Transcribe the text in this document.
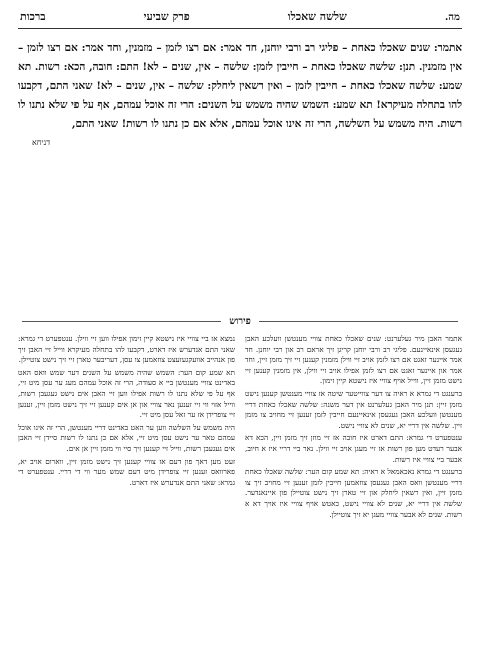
מה.
שלשה שאכלו
פרק שביעי
ברכות
אתמר: שנים שאכלו כאחת – פליגי רב ורבי יוחנן, חד אמר: אם רצו לזמן – מזמנין, וחד אמר: אם רצו לזמן – אין מזמנין. תנן: שלשה שאכלו כאחת – חייבין לזמן: שלשה – אין, שנים – לא! התם: חובה, הכא: רשות. תא שמע: שלשה שאכלו כאחת – חייבין לזמן – ואין רשאין ליחלק: שלשה – אין, שנים – לא! שאני התם, דקבעו להו בתחלה מעיקרא! תא שמע: השמש שהיה משמש על השנים: הרי זה אוכל עמהם, אף על פי שלא נתנו לו רשות. היה משמש על השלשה, הרי זה אינו אוכל עמהם, אלא אם כן נתנו לו רשות! שאני התם,
דניחא
פירוש

אתמר האבן מיר געלערנט: שנים שאכלו כאחת צוויי מענטשן וועלכע האבן געגעסן אינאיינעם. פליגי רב ורבי יוחנן קריגן זיך אראם רב און רבי יוחנן. חד אמר איינער זאגט אם רצו לזמן אויב זיי ווילן מזמנין קענען זיי זיך מזמן זיין, וחד אמר און איינער זאגט אם רצו לזמן אפילו אויב זיי ווילן, אין מזמנין קענען זיי נישט מזמן זיין, ווייל אויף צוויי איז נישטא קיין זימון.

ברענגט די גמרא א ראיה צו דער צווייטער שיטה אז צוויי מענטשן קענען נישט מזמן זיין: תנן מיר האבן געלערנט אין דער משנה: שלשה שאכלו כאחת דריי מענטשן וועלכע האבן געגעסן אינאיינעם חייבין לזמן זענען זיי מחויב צו מזמן זיין. שלשה אין דריי יא, שנים לא צוויי נישט.

ענטפערט די גמרא: התם דארט איז חובה אז זיי מוזן זיך מזמן זיין, הכא דא אבער רעדט מען פון רשות אז זיי מעגן אויב זיי ווילן. נאר ביי דריי איז א חיוב, אבער ביי צוויי איז רשות.

ברענגט די גמרא נאכאמאל א ראיה: תא שמע קום הער: שלשה שאכלו כאחת דריי מענטשן וואס האבן געגעסן צוזאמען חייבין לזמן זענען זיי מחויב זיך צו מזמן זיין, ואין רשאין ליחלק און זיי טארן זיך נישט צוטיילן פון איינאנדער. שלשה אין דריי יא, שנים לא צוויי נישט, כאטש אויף צוויי איז אויך דא א רשות. שנים לא אבער צוויי מעגן יא זיך צוטיילן.

נמצא אז ביי צוויי איז נישטא קיין זימון אפילו ווען זיי ווילן. ענטפערט די גמרא: שאני התם אנדערש איז דארט, דקבעו להו בתחלה מעיקרא ווייל זיי האבן זיך פון אנהייב אוועקגעזעצט צוזאמען צו עסן, דעריבער טארן זיי זיך נישט צוטיילן.

תא שמע קום הער: השמש שהיה משמש על השנים דער שמש וואס האט באדינט צוויי מענטשן ביי א סעודה, הרי זה אוכל עמהם מעג ער עסן מיט זיי, אף על פי שלא נתנו לו רשות אפילו ווען זיי האבן אים נישט געגעבן רשות, ווייל אזוי ווי זיי זענען נאר צוויי און אן אים קענען זיי זיך נישט מזמן זיין, זענען זיי צופרידן אז ער זאל עסן מיט זיי.

היה משמש על השלשה ווען ער האט באדינט דריי מענטשן, הרי זה אינו אוכל עמהם טאר ער נישט עסן מיט זיי, אלא אם כן נתנו לו רשות סיידן זיי האבן אים געגעבן רשות, ווייל זיי קענען זיך סיי ווי מזמן זיין אן אים.

זעט מען דאך פון דעם אז צוויי קענען זיך נישט מזמן זיין, ווארום אויב יא, פארוואס זענען זיי צופרידן מיט דעם שמש מער ווי די דריי. ענטפערט די גמרא: שאני התם אנדערש איז דארט.
